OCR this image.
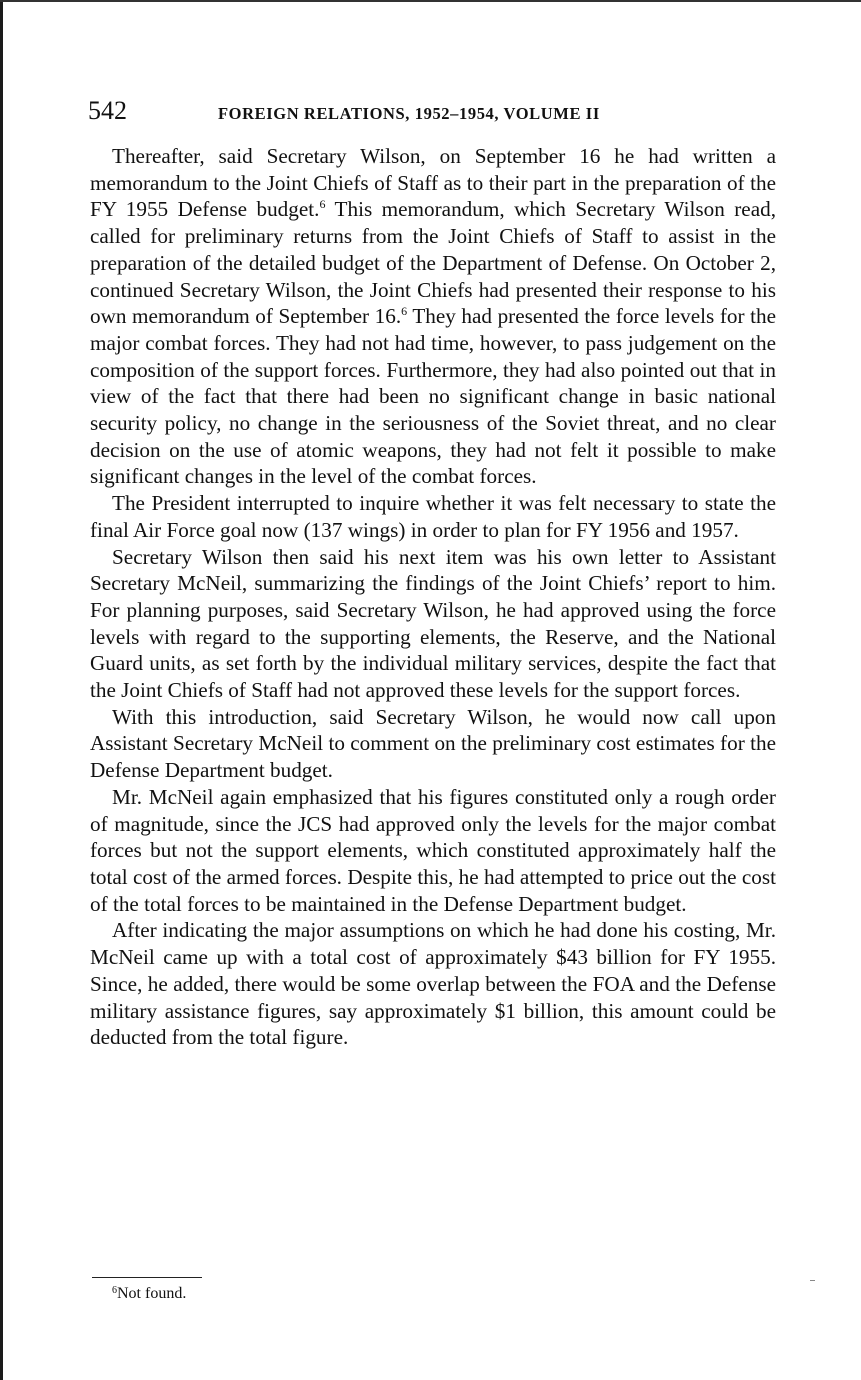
542	FOREIGN RELATIONS, 1952–1954, VOLUME II

Thereafter, said Secretary Wilson, on September 16 he had written a memorandum to the Joint Chiefs of Staff as to their part in the preparation of the FY 1955 Defense budget.$^6$ This memorandum, which Secretary Wilson read, called for preliminary returns from the Joint Chiefs of Staff to assist in the preparation of the detailed budget of the Department of Defense. On October 2, continued Secretary Wilson, the Joint Chiefs had presented their response to his own memorandum of September 16.$^6$ They had presented the force levels for the major combat forces. They had not had time, however, to pass judgement on the composition of the support forces. Furthermore, they had also pointed out that in view of the fact that there had been no significant change in basic national security policy, no change in the seriousness of the Soviet threat, and no clear decision on the use of atomic weapons, they had not felt it possible to make significant changes in the level of the combat forces.

The President interrupted to inquire whether it was felt necessary to state the final Air Force goal now (137 wings) in order to plan for FY 1956 and 1957.

Secretary Wilson then said his next item was his own letter to Assistant Secretary McNeil, summarizing the findings of the Joint Chiefs’ report to him. For planning purposes, said Secretary Wilson, he had approved using the force levels with regard to the supporting elements, the Reserve, and the National Guard units, as set forth by the individual military services, despite the fact that the Joint Chiefs of Staff had not approved these levels for the support forces.

With this introduction, said Secretary Wilson, he would now call upon Assistant Secretary McNeil to comment on the preliminary cost estimates for the Defense Department budget.

Mr. McNeil again emphasized that his figures constituted only a rough order of magnitude, since the JCS had approved only the levels for the major combat forces but not the support elements, which constituted approximately half the total cost of the armed forces. Despite this, he had attempted to price out the cost of the total forces to be maintained in the Defense Department budget.

After indicating the major assumptions on which he had done his costing, Mr. McNeil came up with a total cost of approximately $43 billion for FY 1955. Since, he added, there would be some overlap between the FOA and the Defense military assistance figures, say approximately $1 billion, this amount could be deducted from the total figure.

$^6$Not found.
